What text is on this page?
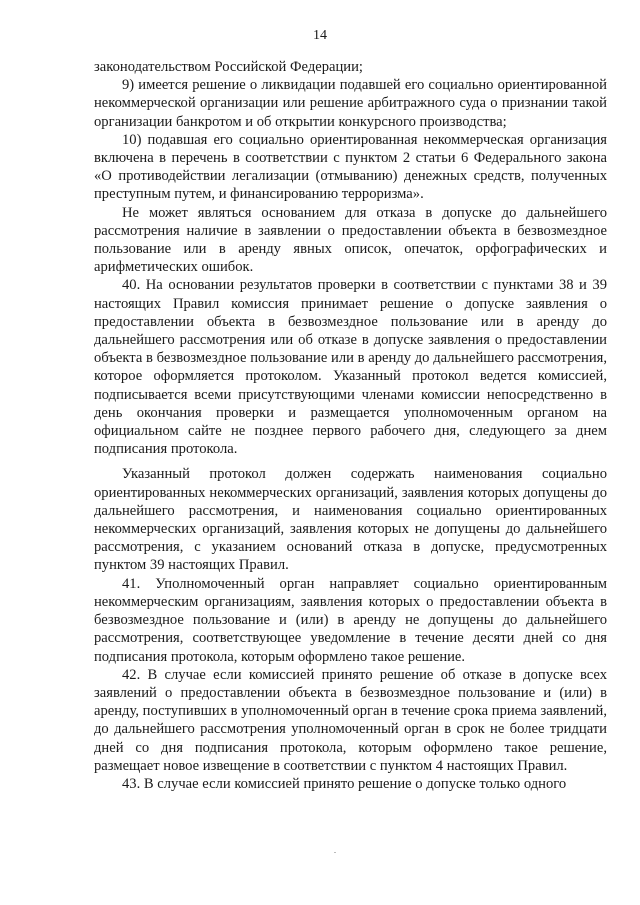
14

законодательством Российской Федерации;

9) имеется решение о ликвидации подавшей его социально ориентированной некоммерческой организации или решение арбитражного суда о признании такой организации банкротом и об открытии конкурсного производства;

10) подавшая его социально ориентированная некоммерческая организация включена в перечень в соответствии с пунктом 2 статьи 6 Федерального закона «О противодействии легализации (отмыванию) денежных средств, полученных преступным путем, и финансированию терроризма».

Не может являться основанием для отказа в допуске до дальнейшего рассмотрения наличие в заявлении о предоставлении объекта в безвозмездное пользование или в аренду явных описок, опечаток, орфографических и арифметических ошибок.

40. На основании результатов проверки в соответствии с пунктами 38 и 39 настоящих Правил комиссия принимает решение о допуске заявления о предоставлении объекта в безвозмездное пользование или в аренду до дальнейшего рассмотрения или об отказе в допуске заявления о предоставлении объекта в безвозмездное пользование или в аренду до дальнейшего рассмотрения, которое оформляется протоколом. Указанный протокол ведется комиссией, подписывается всеми присутствующими членами комиссии непосредственно в день окончания проверки и размещается уполномоченным органом на официальном сайте не позднее первого рабочего дня, следующего за днем подписания протокола.

Указанный протокол должен содержать наименования социально ориентированных некоммерческих организаций, заявления которых допущены до дальнейшего рассмотрения, и наименования социально ориентированных некоммерческих организаций, заявления которых не допущены до дальнейшего рассмотрения, с указанием оснований отказа в допуске, предусмотренных пунктом 39 настоящих Правил.

41. Уполномоченный орган направляет социально ориентированным некоммерческим организациям, заявления которых о предоставлении объекта в безвозмездное пользование и (или) в аренду не допущены до дальнейшего рассмотрения, соответствующее уведомление в течение десяти дней со дня подписания протокола, которым оформлено такое решение.

42. В случае если комиссией принято решение об отказе в допуске всех заявлений о предоставлении объекта в безвозмездное пользование и (или) в аренду, поступивших в уполномоченный орган в течение срока приема заявлений, до дальнейшего рассмотрения уполномоченный орган в срок не более тридцати дней со дня подписания протокола, которым оформлено такое решение, размещает новое извещение в соответствии с пунктом 4 настоящих Правил.

43. В случае если комиссией принято решение о допуске только одного
